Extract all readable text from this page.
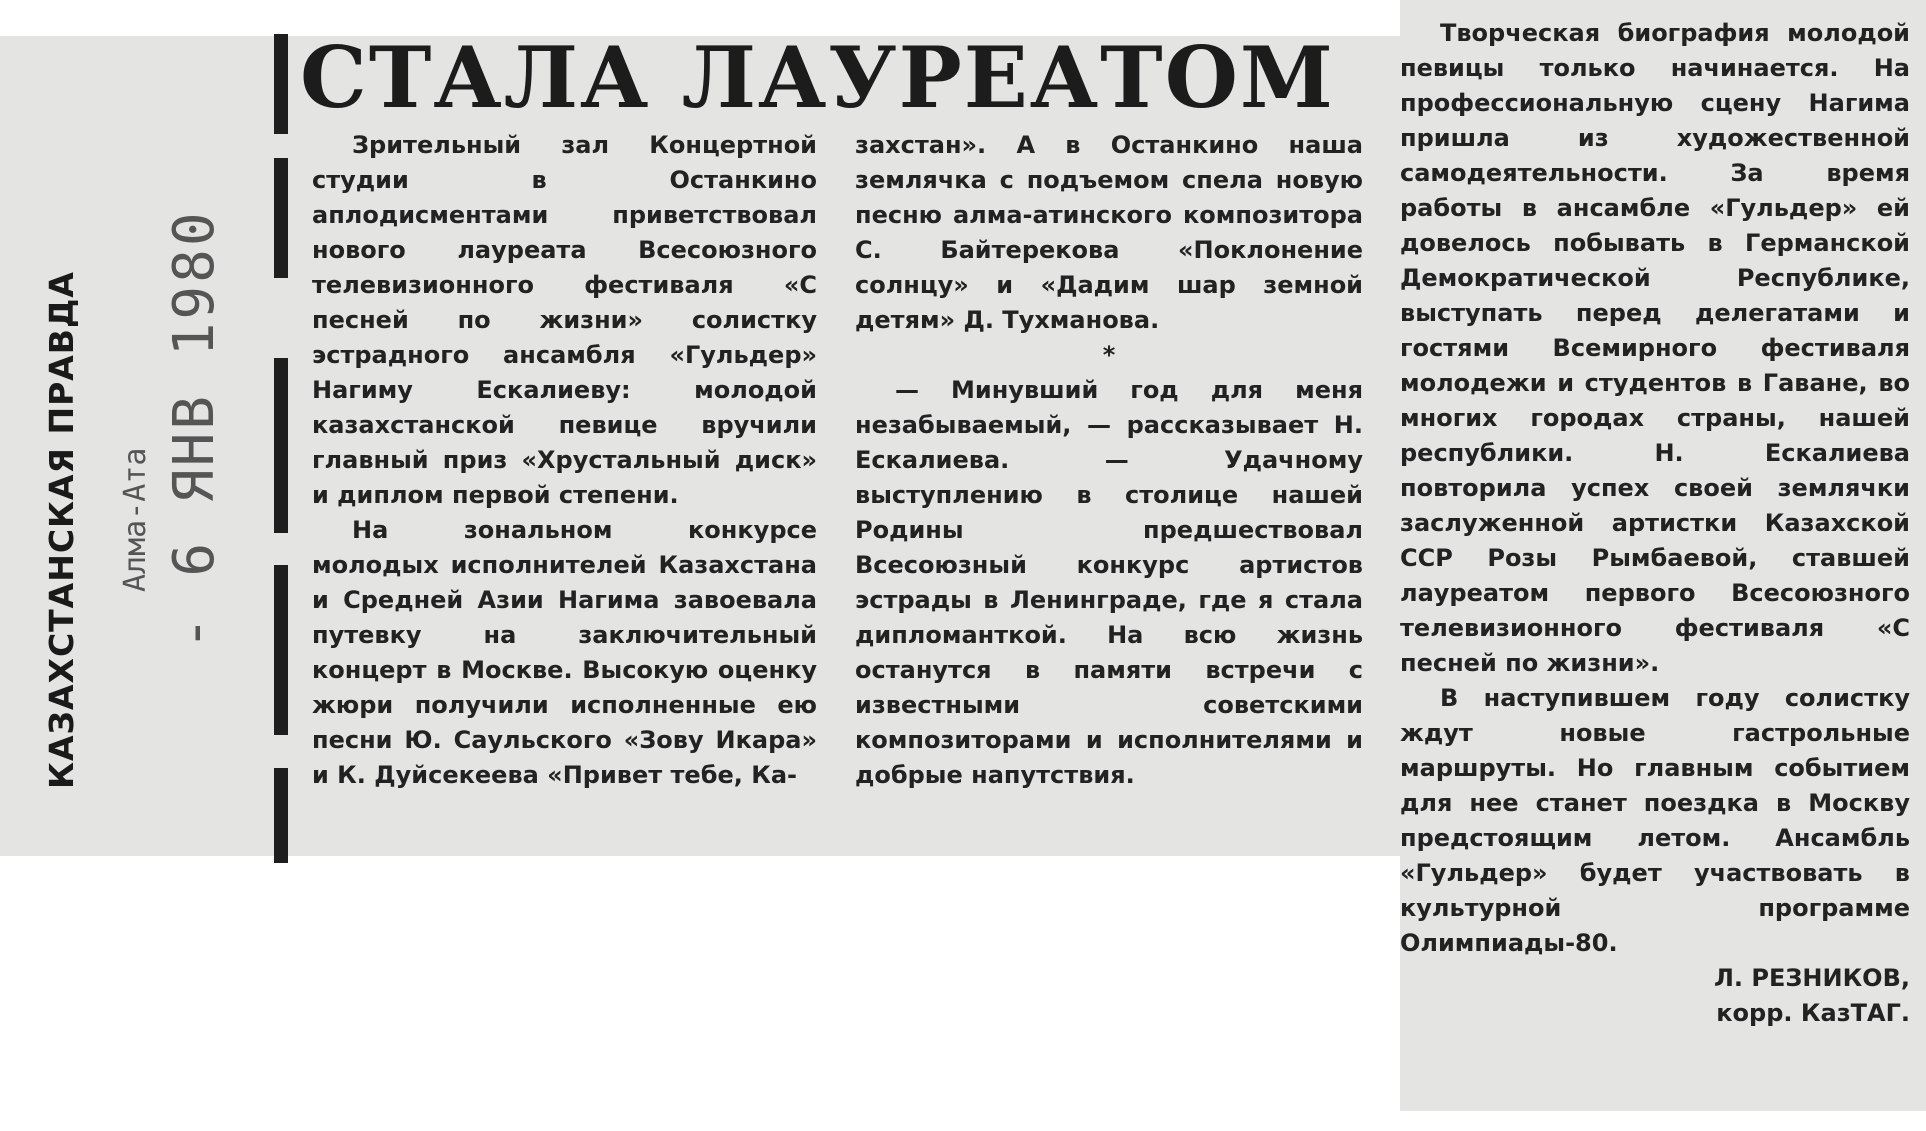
КАЗАХСТАНСКАЯ ПРАВДА Алма-Ата - 6 ЯНВ 1980
СТАЛА ЛАУРЕАТОМ

Зрительный зал Концертной студии в Останкино аплодисментами приветствовал нового лауреата Всесоюзного телевизионного фестиваля «С песней по жизни» солистку эстрадного ансамбля «Гульдер» Нагиму Ескалиеву: молодой казахстанской певице вручили главный приз «Хрустальный диск» и диплом первой степени.

На зональном конкурсе молодых исполнителей Казахстана и Средней Азии Нагима завоевала путевку на заключительный концерт в Москве. Высокую оценку жюри получили исполненные ею песни Ю. Саульского «Зову Икара» и К. Дуйсекеева «Привет тебе, Ка-

захстан». А в Останкино наша землячка с подъемом спела новую песню алма-атинского композитора С. Байтерекова «Поклонение солнцу» и «Дадим шар земной детям» Д. Тухманова.

*

— Минувший год для меня незабываемый, — рассказывает Н. Ескалиева. — Удачному выступлению в столице нашей Родины предшествовал Всесоюзный конкурс артистов эстрады в Ленинграде, где я стала дипломанткой. На всю жизнь останутся в памяти встречи с известными советскими композиторами и исполнителями и добрые напутствия.

Творческая биография молодой певицы только начинается. На профессиональную сцену Нагима пришла из художественной самодеятельности. За время работы в ансамбле «Гульдер» ей довелось побывать в Германской Демократической Республике, выступать перед делегатами и гостями Всемирного фестиваля молодежи и студентов в Гаване, во многих городах страны, нашей республики. Н. Ескалиева повторила успех своей землячки заслуженной артистки Казахской ССР Розы Рымбаевой, ставшей лауреатом первого Всесоюзного телевизионного фестиваля «С песней по жизни».

В наступившем году солистку ждут новые гастрольные маршруты. Но главным событием для нее станет поездка в Москву предстоящим летом. Ансамбль «Гульдер» будет участвовать в культурной программе Олимпиады-80.

Л. РЕЗНИКОВ,

корр. КазТАГ.
